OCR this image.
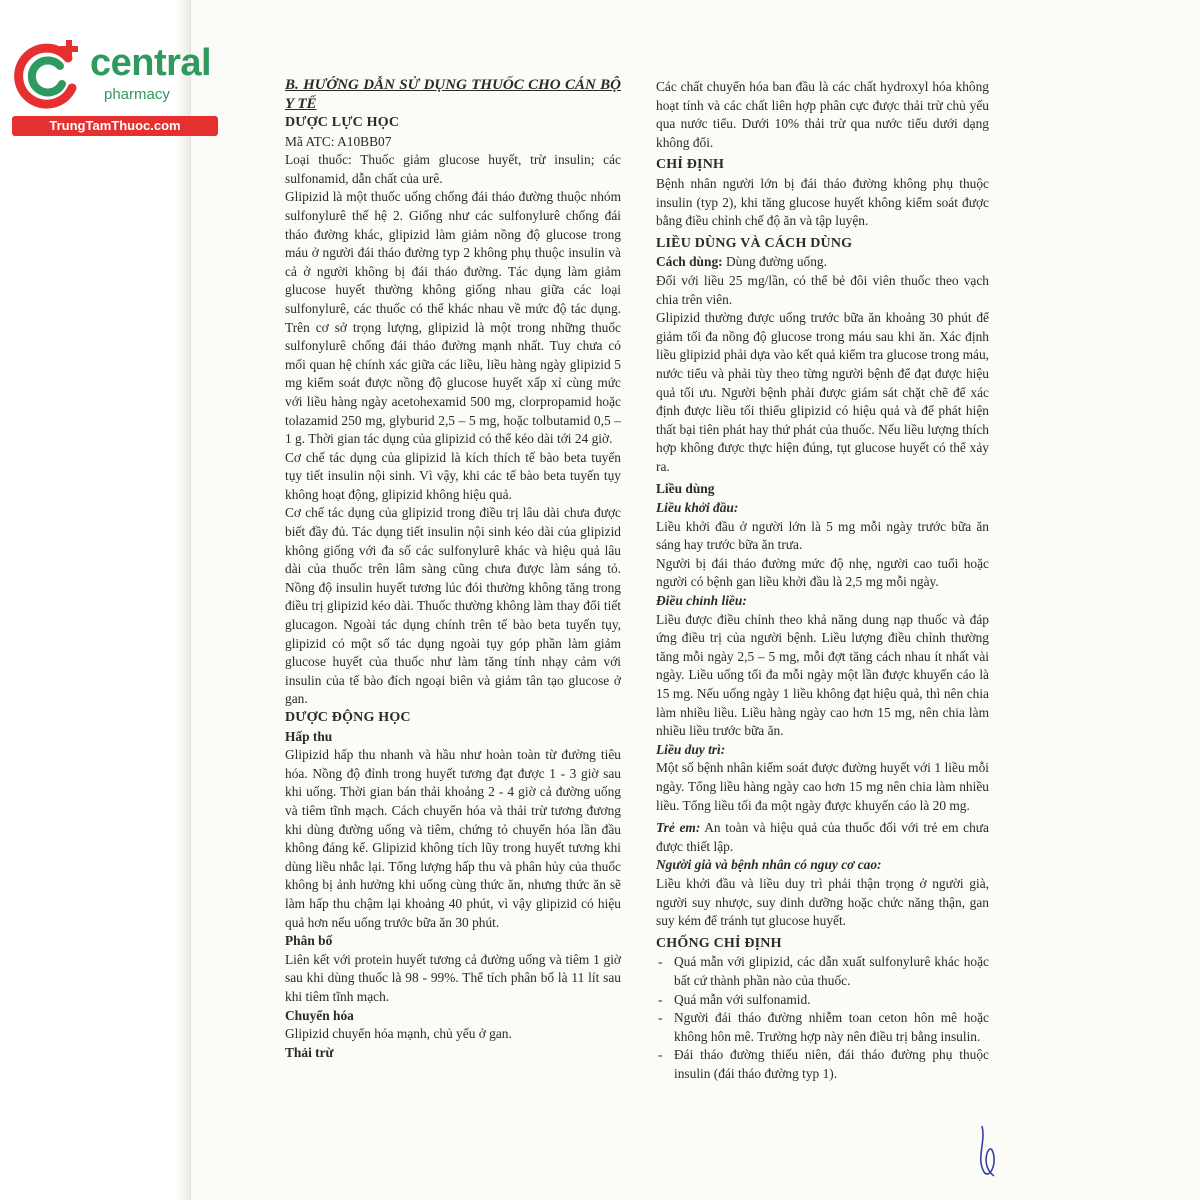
central
pharmacy
TrungTamThuoc.com

B. HƯỚNG DẪN SỬ DỤNG THUỐC CHO CÁN BỘ Y TẾ

DƯỢC LỰC HỌC

Mã ATC: A10BB07

Loại thuốc: Thuốc giảm glucose huyết, trừ insulin; các sulfonamid, dẫn chất của urê.

Glipizid là một thuốc uống chống đái tháo đường thuộc nhóm sulfonylurê thế hệ 2. Giống như các sulfonylurê chống đái tháo đường khác, glipizid làm giảm nồng độ glucose trong máu ở người đái tháo đường typ 2 không phụ thuộc insulin và cả ở người không bị đái tháo đường. Tác dụng làm giảm glucose huyết thường không giống nhau giữa các loại sulfonylurê, các thuốc có thể khác nhau về mức độ tác dụng. Trên cơ sở trọng lượng, glipizid là một trong những thuốc sulfonylurê chống đái tháo đường mạnh nhất. Tuy chưa có mối quan hệ chính xác giữa các liều, liều hàng ngày glipizid 5 mg kiểm soát được nồng độ glucose huyết xấp xỉ cùng mức với liều hàng ngày acetohexamid 500 mg, clorpropamid hoặc tolazamid 250 mg, glyburid 2,5 – 5 mg, hoặc tolbutamid 0,5 – 1 g. Thời gian tác dụng của glipizid có thể kéo dài tới 24 giờ.

Cơ chế tác dụng của glipizid là kích thích tế bào beta tuyến tụy tiết insulin nội sinh. Vì vậy, khi các tế bào beta tuyến tụy không hoạt động, glipizid không hiệu quả.

Cơ chế tác dụng của glipizid trong điều trị lâu dài chưa được biết đầy đủ. Tác dụng tiết insulin nội sinh kéo dài của glipizid không giống với đa số các sulfonylurê khác và hiệu quả lâu dài của thuốc trên lâm sàng cũng chưa được làm sáng tỏ. Nồng độ insulin huyết tương lúc đói thường không tăng trong điều trị glipizid kéo dài. Thuốc thường không làm thay đổi tiết glucagon. Ngoài tác dụng chính trên tế bào beta tuyến tụy, glipizid có một số tác dụng ngoài tụy góp phần làm giảm glucose huyết của thuốc như làm tăng tính nhạy cảm với insulin của tế bào đích ngoại biên và giảm tân tạo glucose ở gan.

DƯỢC ĐỘNG HỌC

Hấp thu

Glipizid hấp thu nhanh và hầu như hoàn toàn từ đường tiêu hóa. Nồng độ đỉnh trong huyết tương đạt được 1 - 3 giờ sau khi uống. Thời gian bán thải khoảng 2 - 4 giờ cả đường uống và tiêm tĩnh mạch. Cách chuyển hóa và thải trừ tương đương khi dùng đường uống và tiêm, chứng tỏ chuyển hóa lần đầu không đáng kể. Glipizid không tích lũy trong huyết tương khi dùng liều nhắc lại. Tổng lượng hấp thu và phân hủy của thuốc không bị ảnh hưởng khi uống cùng thức ăn, nhưng thức ăn sẽ làm hấp thu chậm lại khoảng 40 phút, vì vậy glipizid có hiệu quả hơn nếu uống trước bữa ăn 30 phút.

Phân bố

Liên kết với protein huyết tương cả đường uống và tiêm 1 giờ sau khi dùng thuốc là 98 - 99%. Thể tích phân bố là 11 lít sau khi tiêm tĩnh mạch.

Chuyển hóa

Glipizid chuyển hóa mạnh, chủ yếu ở gan.

Thải trừ

Các chất chuyển hóa ban đầu là các chất hydroxyl hóa không hoạt tính và các chất liên hợp phân cực được thải trừ chủ yếu qua nước tiểu. Dưới 10% thải trừ qua nước tiểu dưới dạng không đổi.

CHỈ ĐỊNH

Bệnh nhân người lớn bị đái tháo đường không phụ thuộc insulin (typ 2), khi tăng glucose huyết không kiểm soát được bằng điều chỉnh chế độ ăn và tập luyện.

LIỀU DÙNG VÀ CÁCH DÙNG

Cách dùng: Dùng đường uống.

Đối với liều 25 mg/lần, có thể bẻ đôi viên thuốc theo vạch chia trên viên.

Glipizid thường được uống trước bữa ăn khoảng 30 phút để giảm tối đa nồng độ glucose trong máu sau khi ăn. Xác định liều glipizid phải dựa vào kết quả kiểm tra glucose trong máu, nước tiểu và phải tùy theo từng người bệnh để đạt được hiệu quả tối ưu. Người bệnh phải được giám sát chặt chẽ để xác định được liều tối thiểu glipizid có hiệu quả và để phát hiện thất bại tiên phát hay thứ phát của thuốc. Nếu liều lượng thích hợp không được thực hiện đúng, tụt glucose huyết có thể xảy ra.

Liều dùng

Liều khởi đầu:

Liều khởi đầu ở người lớn là 5 mg mỗi ngày trước bữa ăn sáng hay trước bữa ăn trưa.

Người bị đái tháo đường mức độ nhẹ, người cao tuổi hoặc người có bệnh gan liều khởi đầu là 2,5 mg mỗi ngày.

Điều chỉnh liều:

Liều được điều chỉnh theo khả năng dung nạp thuốc và đáp ứng điều trị của người bệnh. Liều lượng điều chỉnh thường tăng mỗi ngày 2,5 – 5 mg, mỗi đợt tăng cách nhau ít nhất vài ngày. Liều uống tối đa mỗi ngày một lần được khuyến cáo là 15 mg. Nếu uống ngày 1 liều không đạt hiệu quả, thì nên chia làm nhiều liều. Liều hàng ngày cao hơn 15 mg, nên chia làm nhiều liều trước bữa ăn.

Liều duy trì:

Một số bệnh nhân kiểm soát được đường huyết với 1 liều mỗi ngày. Tổng liều hàng ngày cao hơn 15 mg nên chia làm nhiều liều. Tổng liều tối đa một ngày được khuyến cáo là 20 mg.

Trẻ em: An toàn và hiệu quả của thuốc đối với trẻ em chưa được thiết lập.

Người già và bệnh nhân có nguy cơ cao:

Liều khởi đầu và liều duy trì phải thận trọng ở người già, người suy nhược, suy dinh dưỡng hoặc chức năng thận, gan suy kém để tránh tụt glucose huyết.

CHỐNG CHỈ ĐỊNH

- Quá mẫn với glipizid, các dẫn xuất sulfonylurê khác hoặc bất cứ thành phần nào của thuốc.
- Quá mẫn với sulfonamid.
- Người đái tháo đường nhiễm toan ceton hôn mê hoặc không hôn mê. Trường hợp này nên điều trị bằng insulin.
- Đái tháo đường thiếu niên, đái tháo đường phụ thuộc insulin (đái tháo đường typ 1).
